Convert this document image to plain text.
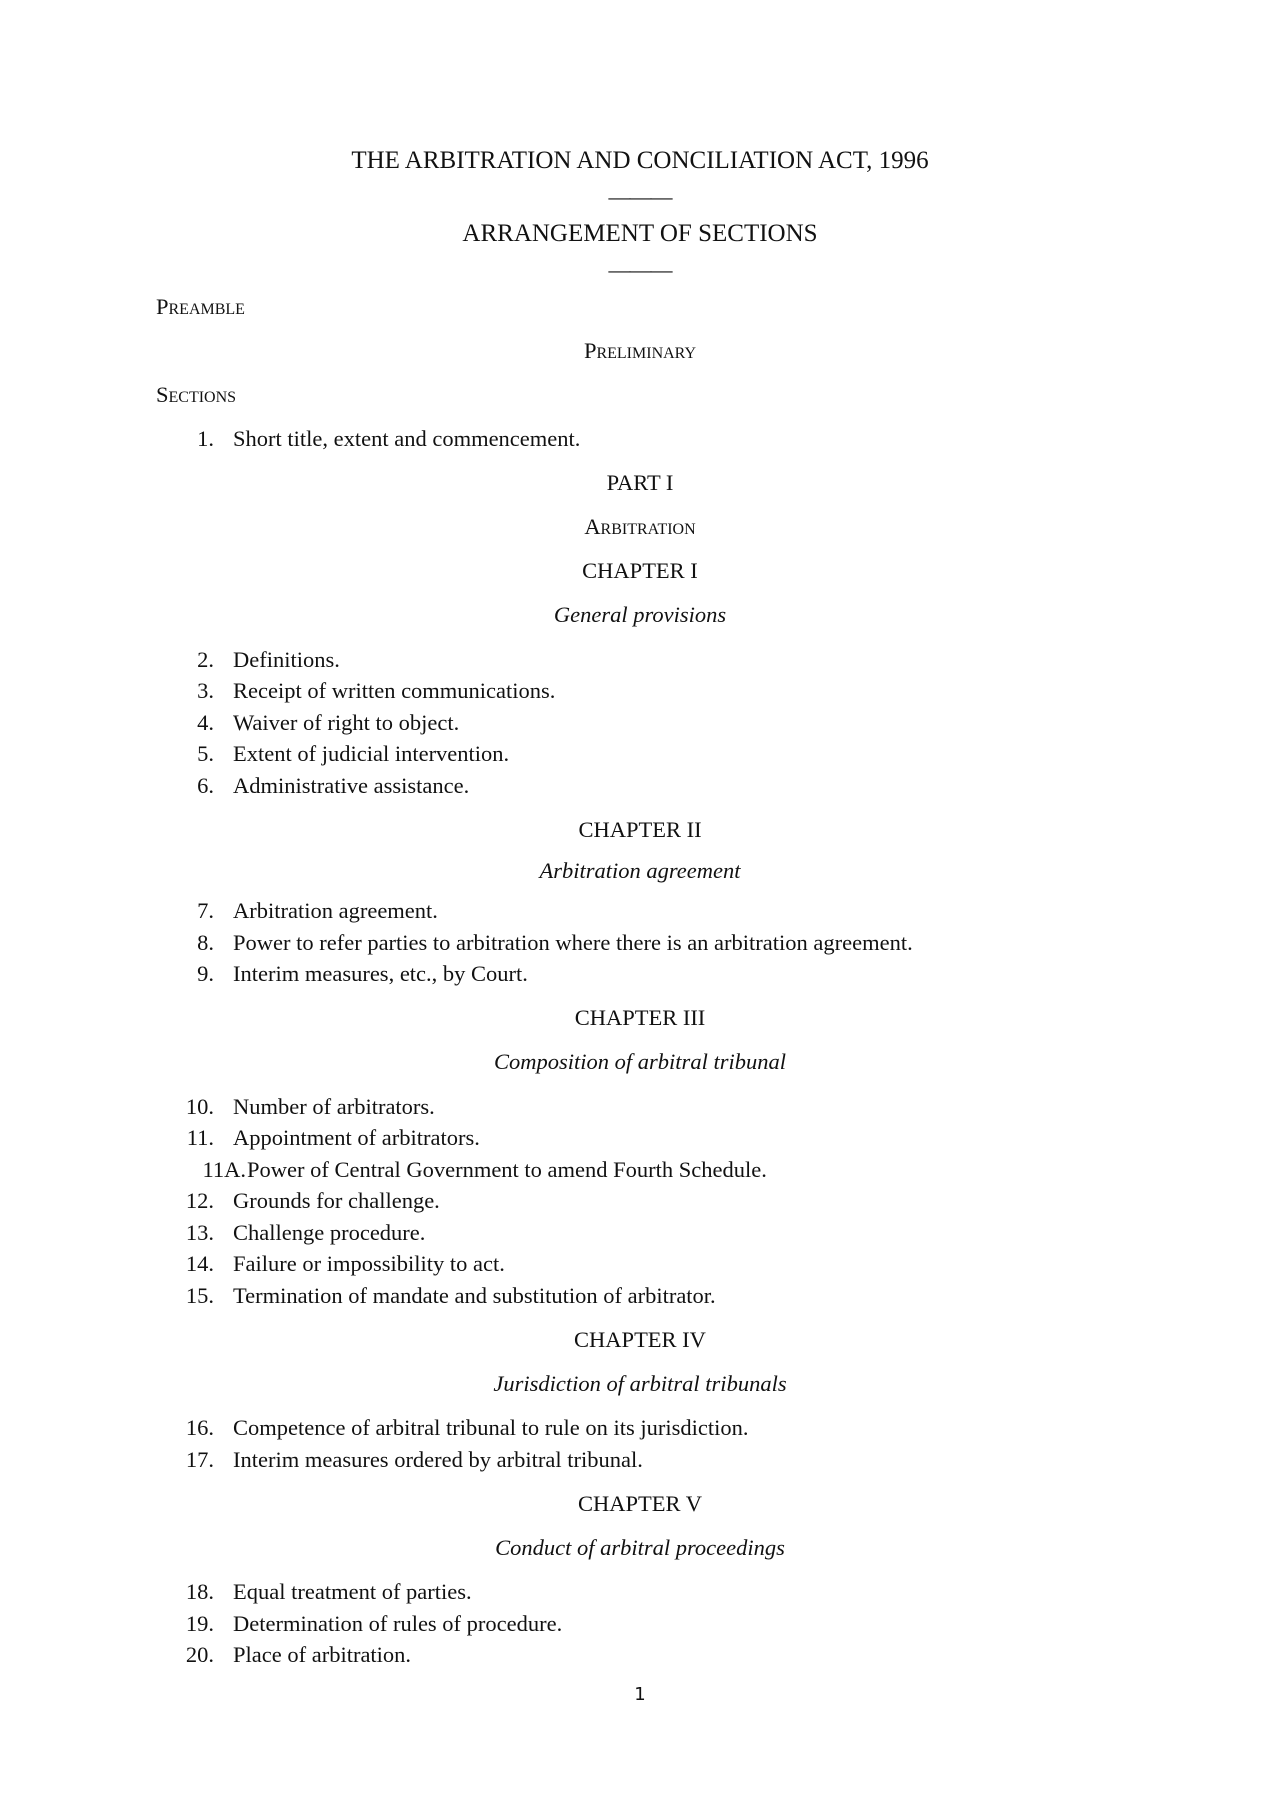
THE ARBITRATION AND CONCILIATION ACT, 1996
———
ARRANGEMENT OF SECTIONS
———
Preamble
Preliminary
Sections
1. Short title, extent and commencement.
PART I
Arbitration
CHAPTER I
General provisions
2. Definitions.
3. Receipt of written communications.
4. Waiver of right to object.
5. Extent of judicial intervention.
6. Administrative assistance.
CHAPTER II
Arbitration agreement
7. Arbitration agreement.
8. Power to refer parties to arbitration where there is an arbitration agreement.
9. Interim measures, etc., by Court.
CHAPTER III
Composition of arbitral tribunal
10. Number of arbitrators.
11. Appointment of arbitrators.
11A. Power of Central Government to amend Fourth Schedule.
12. Grounds for challenge.
13. Challenge procedure.
14. Failure or impossibility to act.
15. Termination of mandate and substitution of arbitrator.
CHAPTER IV
Jurisdiction of arbitral tribunals
16. Competence of arbitral tribunal to rule on its jurisdiction.
17. Interim measures ordered by arbitral tribunal.
CHAPTER V
Conduct of arbitral proceedings
18. Equal treatment of parties.
19. Determination of rules of procedure.
20. Place of arbitration.
1
